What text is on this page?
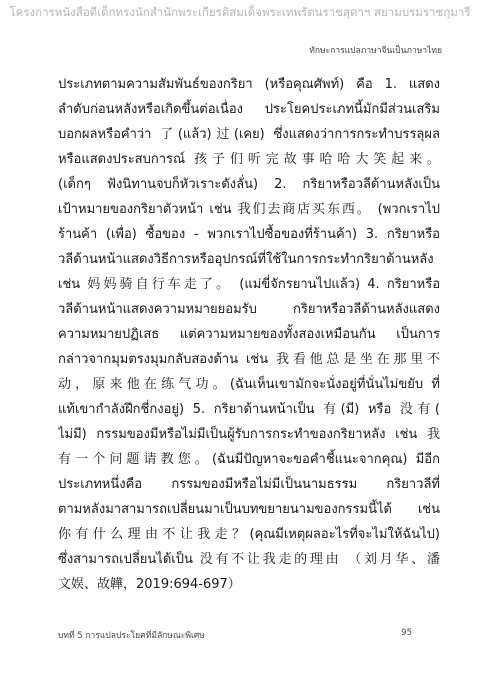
โครงการหนังสือดีเด็กทรงนักสำนักพระเกียรติสมเด็จพระเทพรัตนราชสุดาฯ สยามบรมราชกุมารี
ทักษะการแปลภาษาจีนเป็นภาษาไทย
ประเภทตามความสัมพันธ์ของกริยา (หรือคุณศัพท์) คือ 1. แสดง
ลำดับก่อนหลังหรือเกิดขึ้นต่อเนื่อง ประโยคประเภทนี้มักมีส่วนเสริม
บอกผลหรือคำว่า 了(แล้ว)过(เคย) ซึ่งแสดงว่าการกระทำบรรลุผล
หรือแสดงประสบการณ์ 孩子们听完故事哈哈大笑起来。
(เด็กๆ ฟังนิทานจบก็หัวเราะดังลั่น) 2. กริยาหรือวลีด้านหลังเป็น
เป้าหมายของกริยาตัวหน้า เช่น 我们去商店买东西。 (พวกเราไป
ร้านค้า (เพื่อ) ซื้อของ - พวกเราไปซื้อของที่ร้านค้า) 3. กริยาหรือ
วลีด้านหน้าแสดงวิธีการหรืออุปกรณ์ที่ใช้ในการกระทำกริยาด้านหลัง
เช่น 妈妈骑自行车走了。 (แม่ขี่จักรยานไปแล้ว) 4. กริยาหรือ
วลีด้านหน้าแสดงความหมายยอมรับ กริยาหรือวลีด้านหลังแสดง
ความหมายปฏิเสธ แต่ความหมายของทั้งสองเหมือนกัน เป็นการ
กล่าวจากมุมตรงมุมกลับสองด้าน เช่น 我看他总是坐在那里不
动，原来他在练气功。(ฉันเห็นเขามักจะนั่งอยู่ที่นั่นไม่ขยับ ที่
แท้เขากำลังฝึกชี่กงอยู่) 5. กริยาด้านหน้าเป็น 有(มี) หรือ 没有(
ไม่มี) กรรมของมีหรือไม่มีเป็นผู้รับการกระทำของกริยาหลัง เช่น 我
有一个问题请教您。(ฉันมีปัญหาจะขอคำชี้แนะจากคุณ) มีอีก
ประเภทหนึ่งคือ กรรมของมีหรือไม่มีเป็นนามธรรม กริยาวลีที่
ตามหลังมาสามารถเปลี่ยนมาเป็นบทขยายนามของกรรมนี้ได้ เช่น
你有什么理由不让我走？(คุณมีเหตุผลอะไรที่จะไม่ให้ฉันไป)
ซึ่งสามารถเปลี่ยนได้เป็น 没有不让我走的理由 （刘月华、潘
文娱、故韡，2019:694-697）
บทที่ 5 การแปลประโยคที่มีลักษณะพิเศษ	95
